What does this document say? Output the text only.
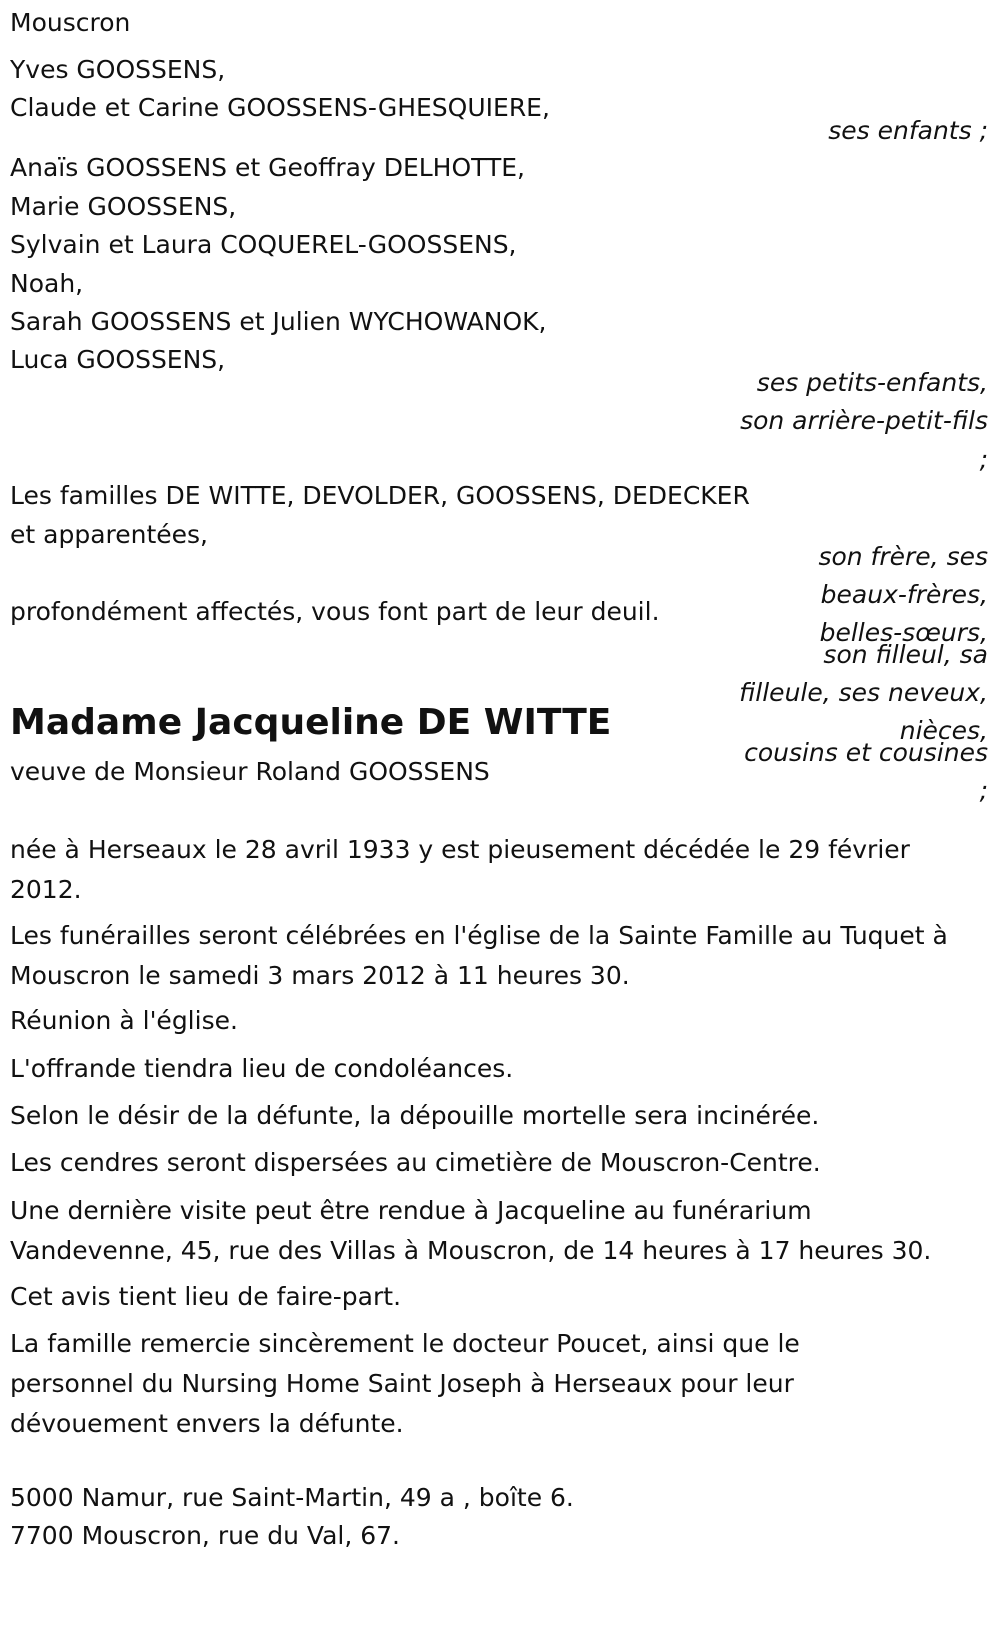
Mouscron
Yves GOOSSENS,
Claude et Carine GOOSSENS-GHESQUIERE,
ses enfants ;
Anaïs GOOSSENS et Geoffray DELHOTTE,
Marie GOOSSENS,
Sylvain et Laura COQUEREL-GOOSSENS,
Noah,
Sarah GOOSSENS et Julien WYCHOWANOK,
Luca GOOSSENS,
ses petits-enfants,
son arrière-petit-fils
;
Les familles DE WITTE, DEVOLDER, GOOSSENS, DEDECKER
et apparentées,
son frère, ses beaux-frères, belles-sœurs,
son filleul, sa filleule, ses neveux, nièces,
cousins et cousines ;
profondément affectés, vous font part de leur deuil.
Madame Jacqueline DE WITTE
veuve de Monsieur Roland GOOSSENS
née à Herseaux le 28 avril 1933 y est pieusement décédée le 29 février 2012.
Les funérailles seront célébrées en l'église de la Sainte Famille au Tuquet à Mouscron le samedi 3 mars 2012 à 11 heures 30.
Réunion à l'église.
L'offrande tiendra lieu de condoléances.
Selon le désir de la défunte, la dépouille mortelle sera incinérée.
Les cendres seront dispersées au cimetière de Mouscron-Centre.
Une dernière visite peut être rendue à Jacqueline au funérarium Vandevenne, 45, rue des Villas à Mouscron, de 14 heures à 17 heures 30.
Cet avis tient lieu de faire-part.
La famille remercie sincèrement le docteur Poucet, ainsi que le personnel du Nursing Home Saint Joseph à Herseaux pour leur dévouement envers la défunte.
5000 Namur, rue Saint-Martin, 49 a , boîte 6.
7700 Mouscron, rue du Val, 67.
